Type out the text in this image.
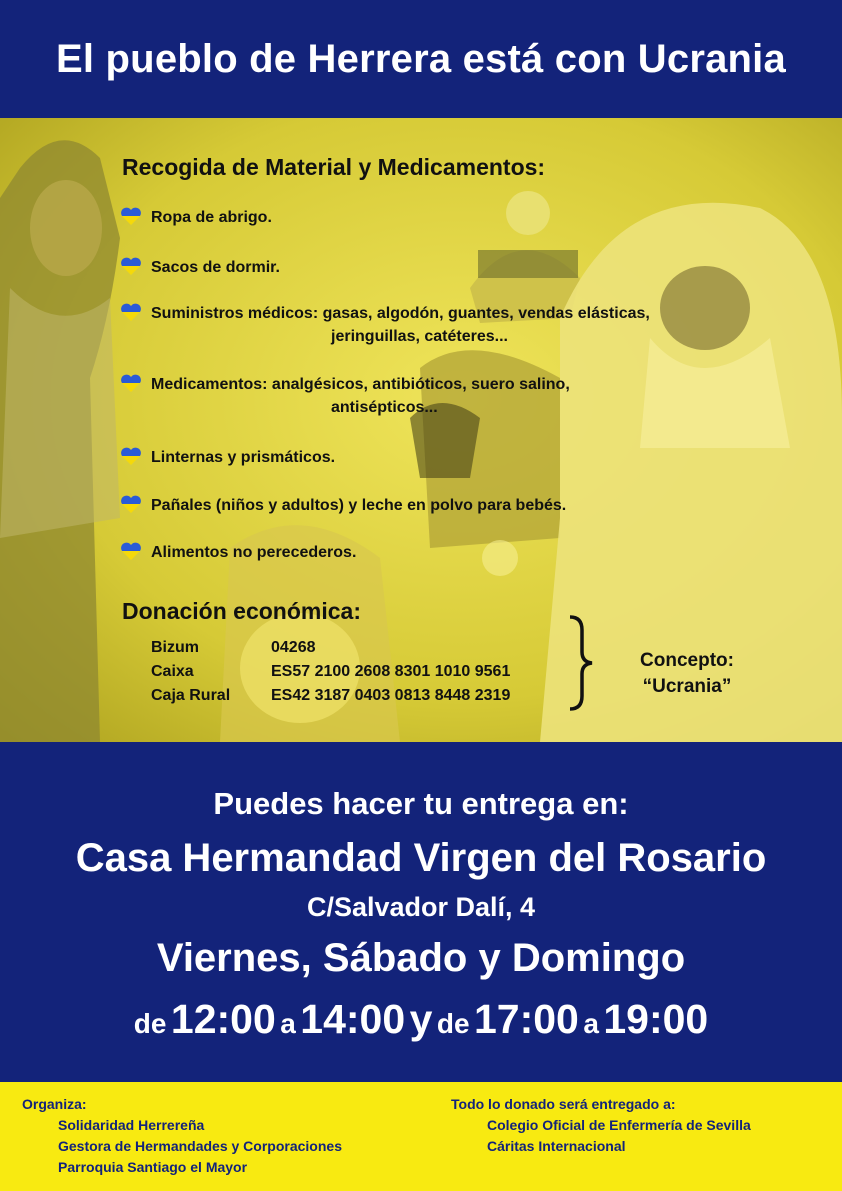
El pueblo de Herrera está con Ucrania
Recogida de Material y Medicamentos:
Ropa de abrigo.
Sacos de dormir.
Suministros médicos: gasas, algodón, guantes, vendas elásticas,
jeringuillas, catéteres...
Medicamentos: analgésicos, antibióticos, suero salino,
antisépticos...
Linternas y prismáticos.
Pañales (niños y adultos) y leche en polvo para bebés.
Alimentos no perecederos.
Donación económica:
Bizum	04268
Caixa	ES57 2100 2608 8301 1010 9561
Caja Rural	ES42 3187 0403 0813 8448 2319
Concepto:
“Ucrania”
Puedes hacer tu entrega en:
Casa Hermandad Virgen del Rosario
C/Salvador Dalí, 4
Viernes, Sábado y Domingo
de 12:00 a 14:00 y de 17:00 a 19:00
Organiza:
Solidaridad Herrereña
Gestora de Hermandades y Corporaciones
Parroquia Santiago el Mayor
Todo lo donado será entregado a:
Colegio Oficial de Enfermería de Sevilla
Cáritas Internacional
